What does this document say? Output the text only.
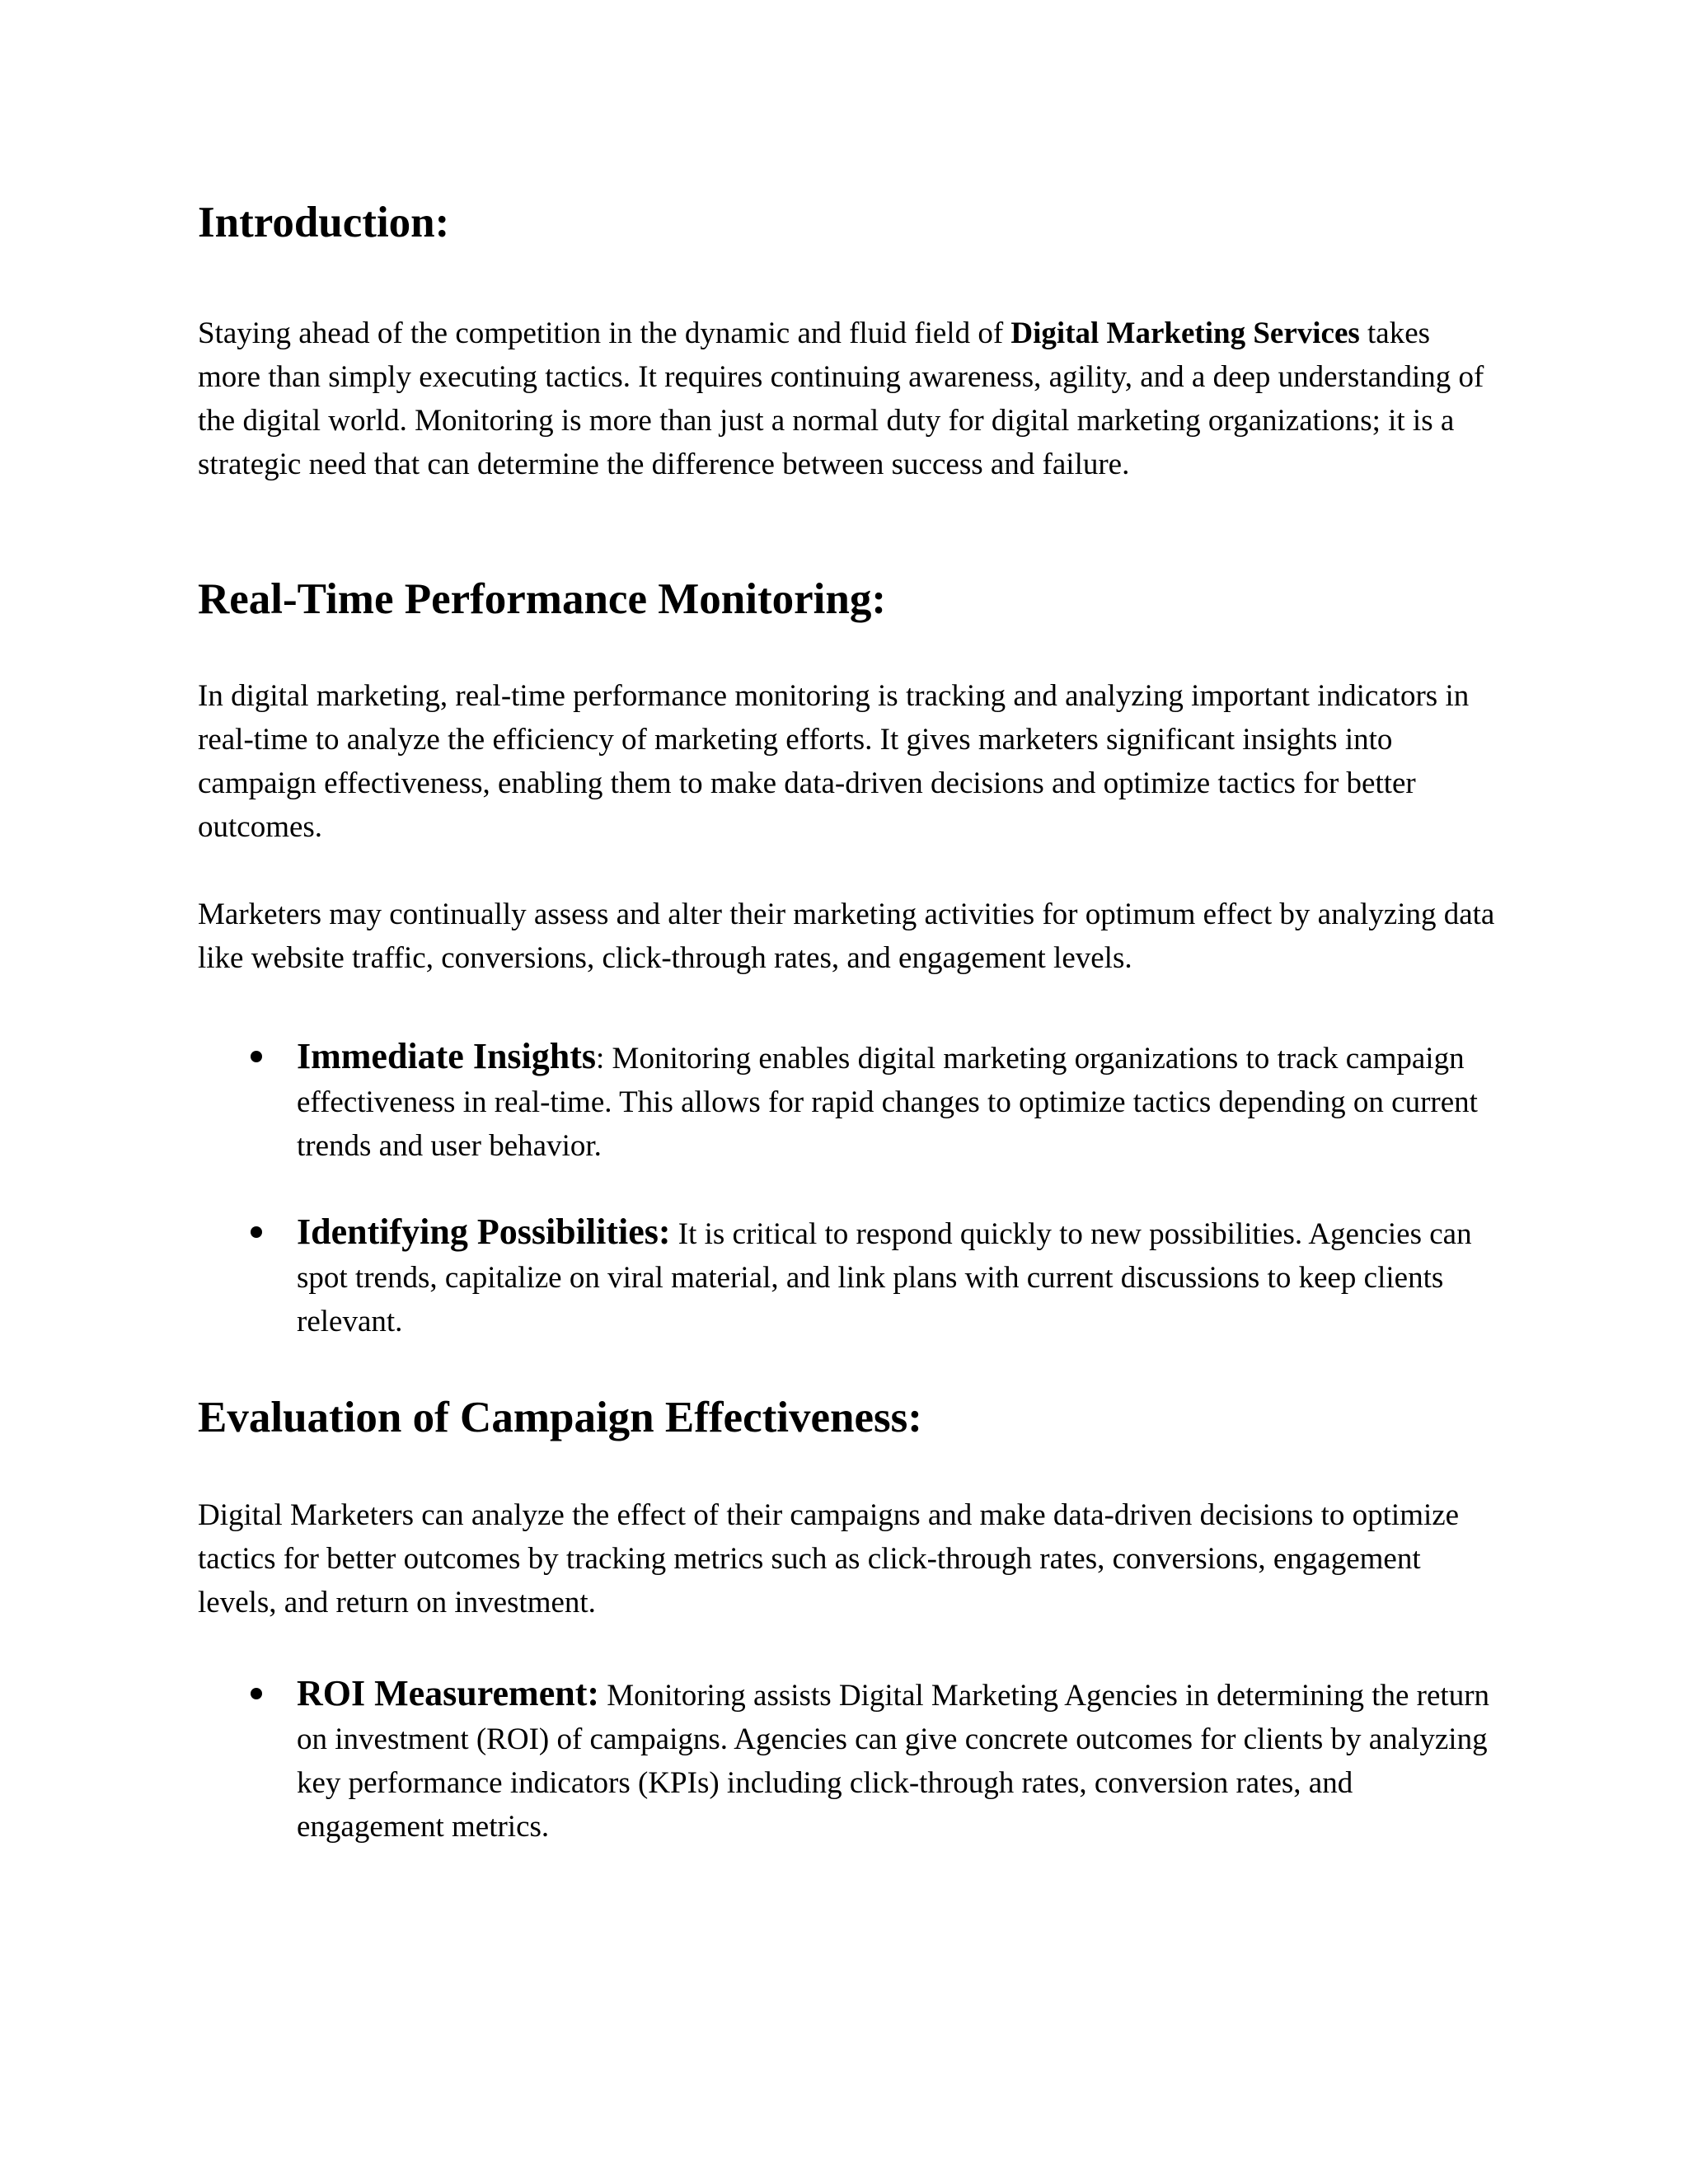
Introduction:

Staying ahead of the competition in the dynamic and fluid field of Digital Marketing Services takes more than simply executing tactics. It requires continuing awareness, agility, and a deep understanding of the digital world. Monitoring is more than just a normal duty for digital marketing organizations; it is a strategic need that can determine the difference between success and failure.

Real-Time Performance Monitoring:

In digital marketing, real-time performance monitoring is tracking and analyzing important indicators in real-time to analyze the efficiency of marketing efforts. It gives marketers significant insights into campaign effectiveness, enabling them to make data-driven decisions and optimize tactics for better outcomes.

Marketers may continually assess and alter their marketing activities for optimum effect by analyzing data like website traffic, conversions, click-through rates, and engagement levels.

Immediate Insights: Monitoring enables digital marketing organizations to track campaign effectiveness in real-time. This allows for rapid changes to optimize tactics depending on current trends and user behavior.
Identifying Possibilities: It is critical to respond quickly to new possibilities. Agencies can spot trends, capitalize on viral material, and link plans with current discussions to keep clients relevant.
Evaluation of Campaign Effectiveness:

Digital Marketers can analyze the effect of their campaigns and make data-driven decisions to optimize tactics for better outcomes by tracking metrics such as click-through rates, conversions, engagement levels, and return on investment.

ROI Measurement: Monitoring assists Digital Marketing Agencies in determining the return on investment (ROI) of campaigns. Agencies can give concrete outcomes for clients by analyzing key performance indicators (KPIs) including click-through rates, conversion rates, and engagement metrics.
